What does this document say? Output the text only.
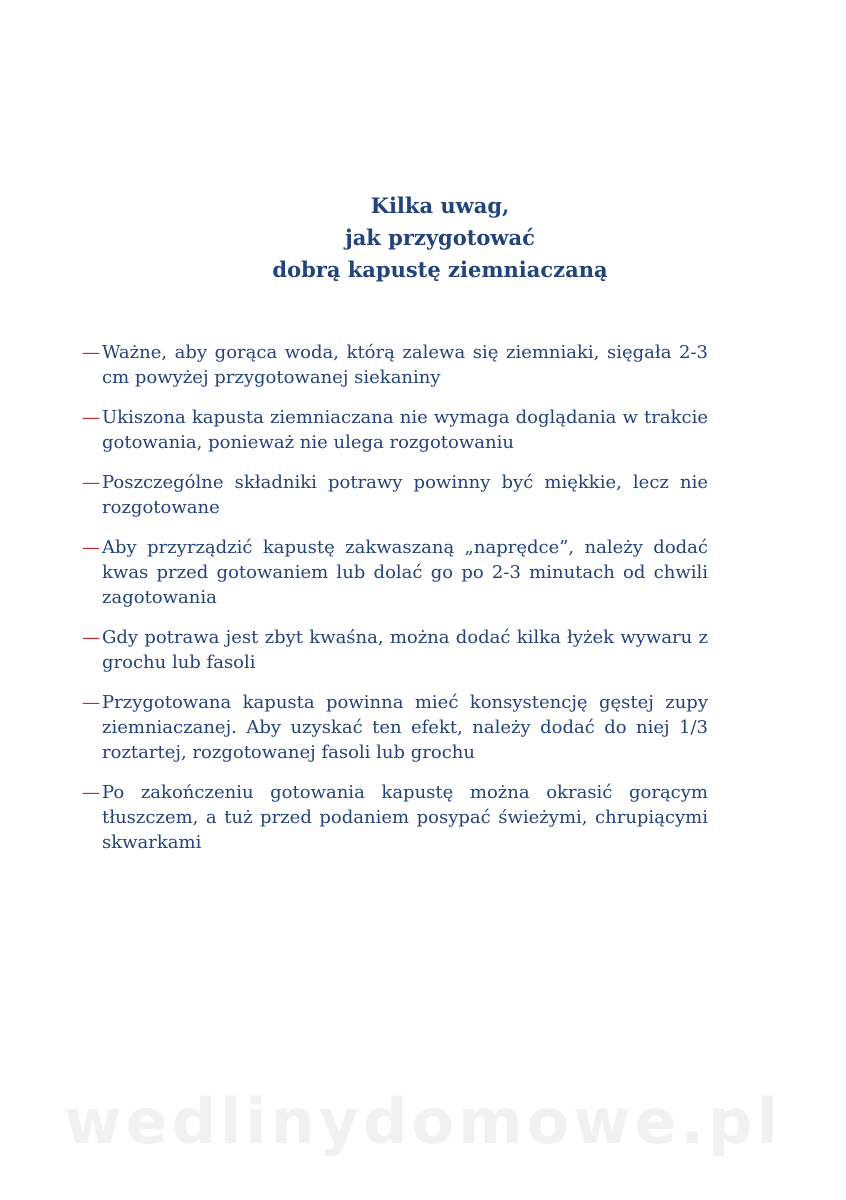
Kilka uwag,
jak przygotować
dobrą kapustę ziemniaczaną
— Ważne, aby gorąca woda, którą zalewa się ziemniaki, sięgała 2-3 cm powyżej przygotowanej siekaniny
— Ukiszona kapusta ziemniaczana nie wymaga doglądania w trakcie gotowania, ponieważ nie ulega rozgotowaniu
— Poszczególne składniki potrawy powinny być miękkie, lecz nie rozgotowane
— Aby przyrządzić kapustę zakwaszaną „naprędce”, należy dodać kwas przed gotowaniem lub dolać go po 2-3 minutach od chwili zagotowania
— Gdy potrawa jest zbyt kwaśna, można dodać kilka łyżek wywaru z grochu lub fasoli
— Przygotowana kapusta powinna mieć konsystencję gęstej zupy ziemniaczanej. Aby uzyskać ten efekt, należy dodać do niej 1/3 roztartej, rozgotowanej fasoli lub grochu
— Po zakończeniu gotowania kapustę można okrasić gorącym tłuszczem, a tuż przed podaniem posypać świeżymi, chrupiącymi skwarkami
wedlinydomowe.pl
